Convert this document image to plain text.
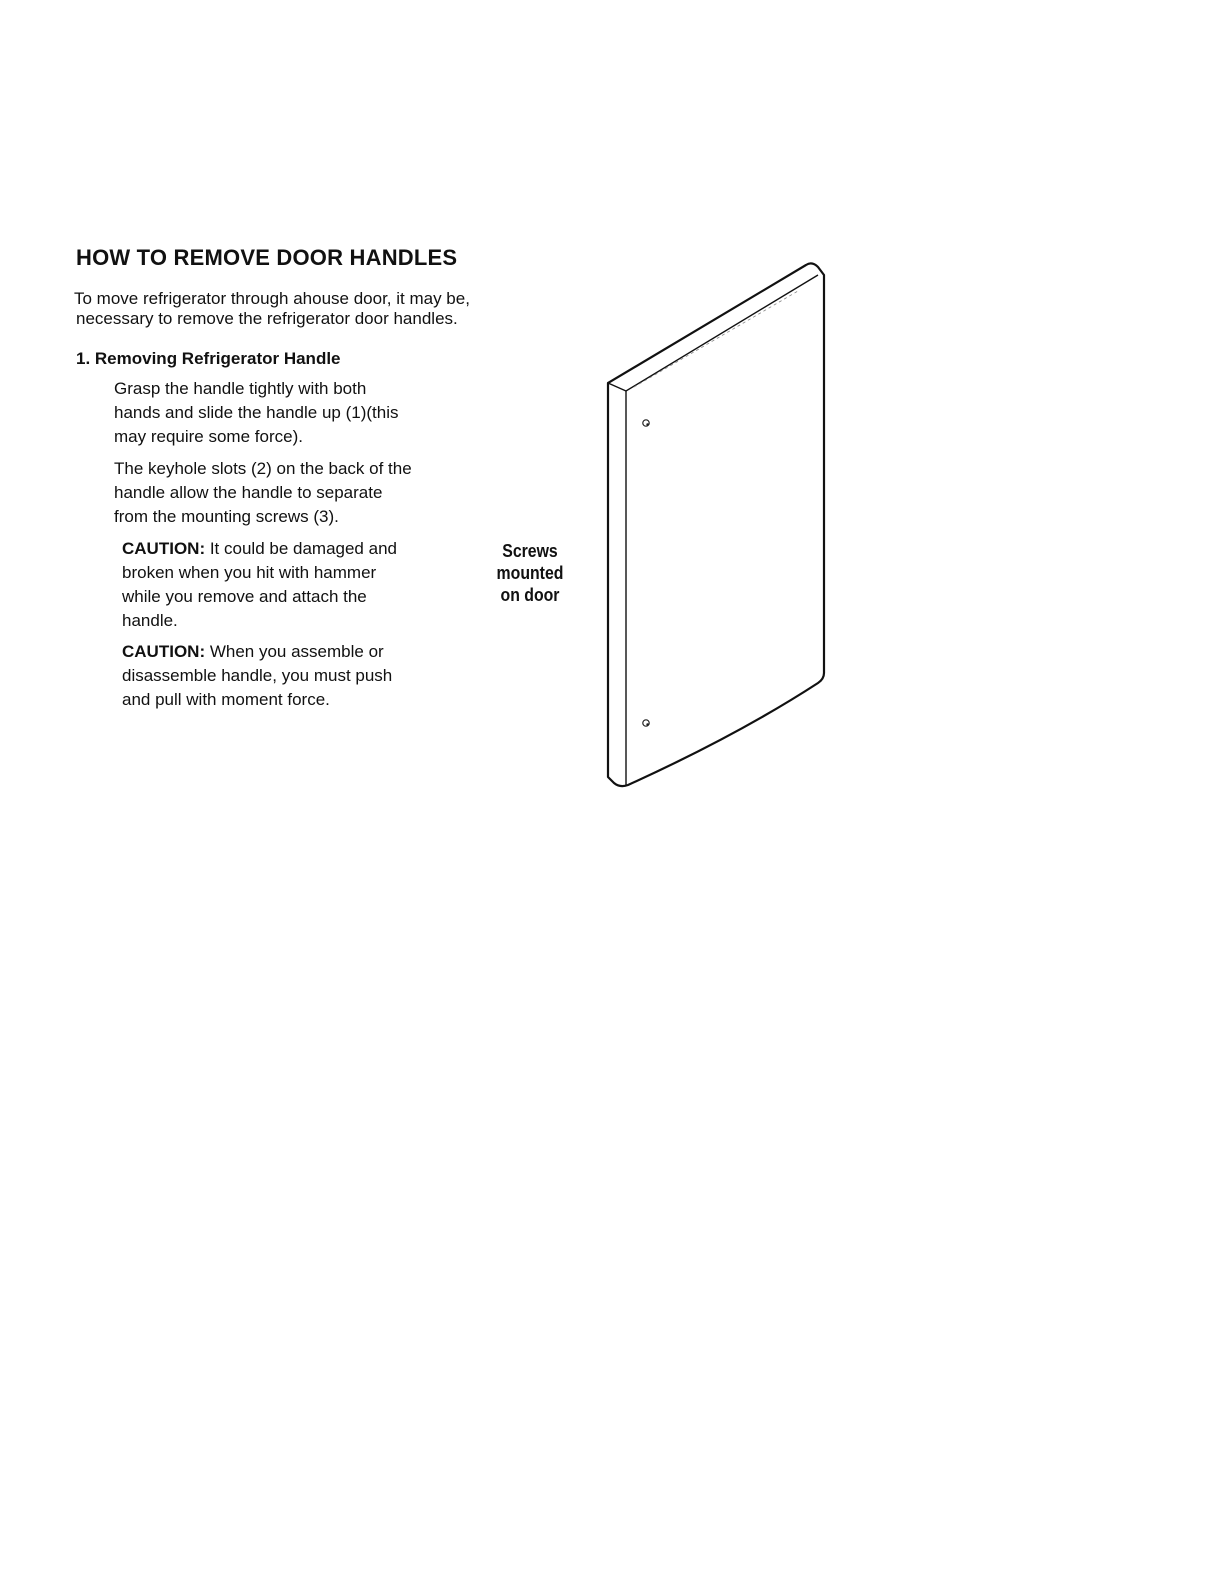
HOW TO REMOVE DOOR HANDLES

To move refrigerator through ahouse door, it may be,
necessary to remove the refrigerator door handles.

1. Removing Refrigerator Handle

Grasp the handle tightly with both
hands and slide the handle up (1)(this
may require some force).

The keyhole slots (2) on the back of the
handle allow the handle to separate
from the mounting screws (3).

CAUTION: It could be damaged and
broken when you hit with hammer
while you remove and attach the
handle.

CAUTION: When you assemble or
disassemble handle, you must push
and pull with moment force.

Screws
mounted
on door
